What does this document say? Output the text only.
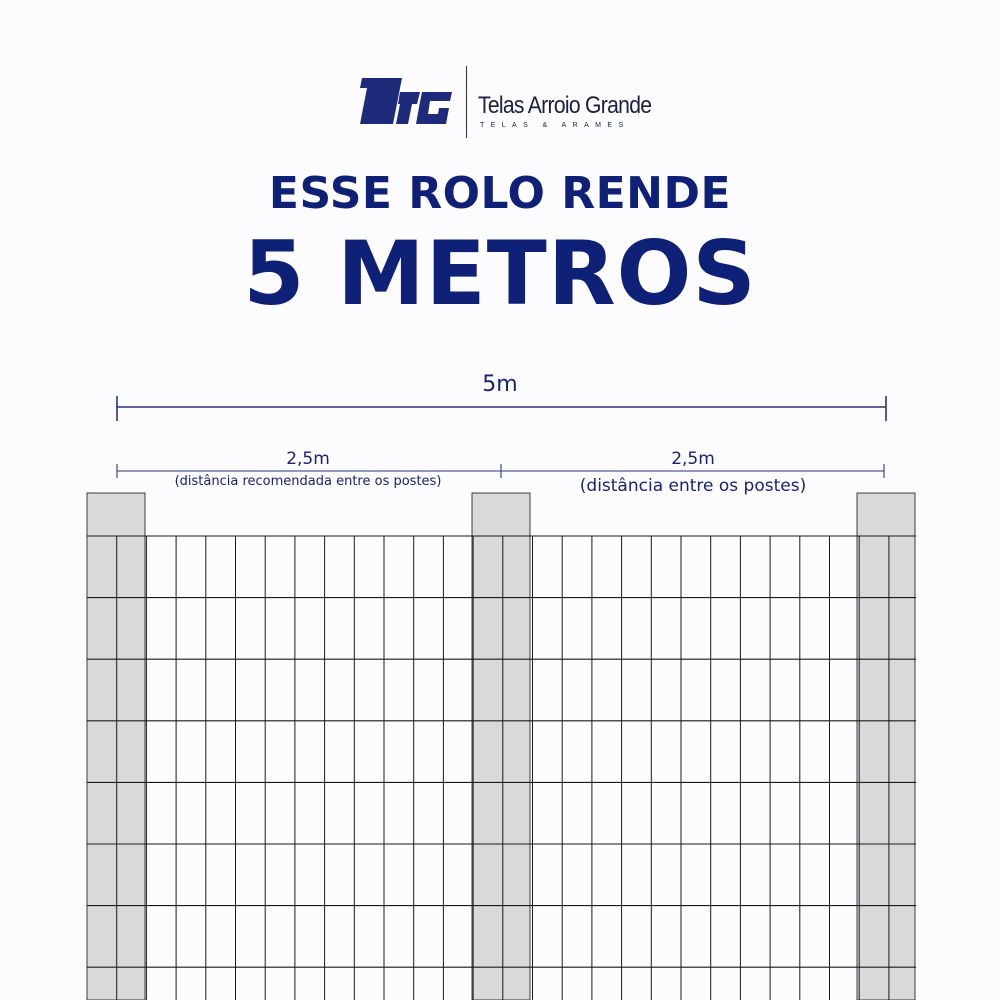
Telas Arroio Grande
TELAS & ARAMES
ESSE ROLO RENDE
5 METROS
5m
2,5m
(distância recomendada entre os postes)
2,5m
(distância entre os postes)
